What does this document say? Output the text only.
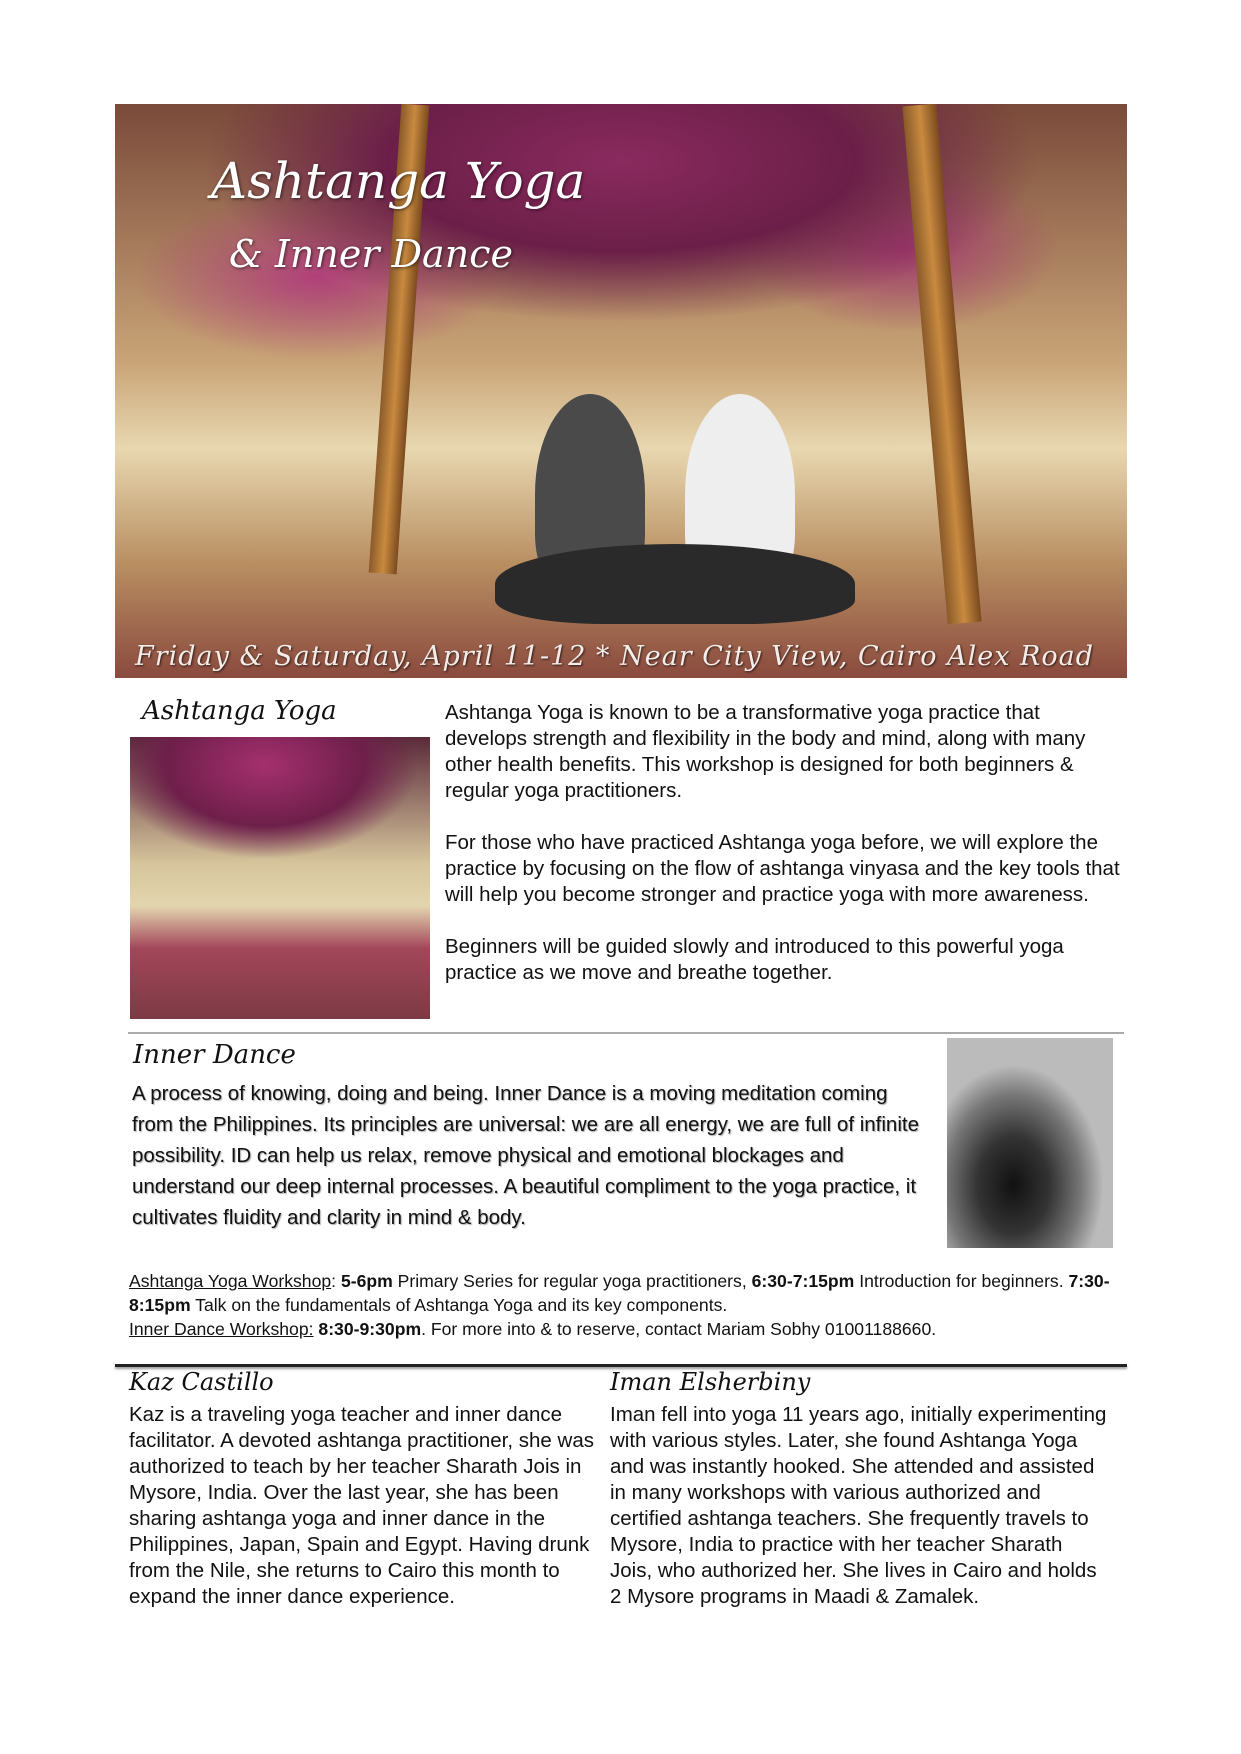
Ashtanga Yoga
& Inner Dance
Friday & Saturday, April 11-12 * Near City View, Cairo Alex Road
Ashtanga Yoga	Ashtanga Yoga is known to be a transformative yoga practice that develops strength and flexibility in the body and mind, along with many other health benefits. This workshop is designed for both beginners & regular yoga practitioners.

For those who have practiced Ashtanga yoga before, we will explore the practice by focusing on the flow of ashtanga vinyasa and the key tools that will help you become stronger and practice yoga with more awareness.

Beginners will be guided slowly and introduced to this powerful yoga practice as we move and breathe together.

Inner Dance
A process of knowing, doing and being. Inner Dance is a moving meditation coming from the Philippines. Its principles are universal: we are all energy, we are full of infinite possibility. ID can help us relax, remove physical and emotional blockages and understand our deep internal processes. A beautiful compliment to the yoga practice, it cultivates fluidity and clarity in mind & body.
Ashtanga Yoga Workshop: 5-6pm Primary Series for regular yoga practitioners, 6:30-7:15pm Introduction for beginners. 7:30-8:15pm Talk on the fundamentals of Ashtanga Yoga and its key components.
Inner Dance Workshop: 8:30-9:30pm. For more into & to reserve, contact Mariam Sobhy 01001188660.
Kaz Castillo
Kaz is a traveling yoga teacher and inner dance facilitator. A devoted ashtanga practitioner, she was authorized to teach by her teacher Sharath Jois in Mysore, India. Over the last year, she has been sharing ashtanga yoga and inner dance in the Philippines, Japan, Spain and Egypt. Having drunk from the Nile, she returns to Cairo this month to expand the inner dance experience.
Iman Elsherbiny
Iman fell into yoga 11 years ago, initially experimenting with various styles. Later, she found Ashtanga Yoga and was instantly hooked. She attended and assisted in many workshops with various authorized and certified ashtanga teachers. She frequently travels to Mysore, India to practice with her teacher Sharath Jois, who authorized her. She lives in Cairo and holds 2 Mysore programs in Maadi & Zamalek.
